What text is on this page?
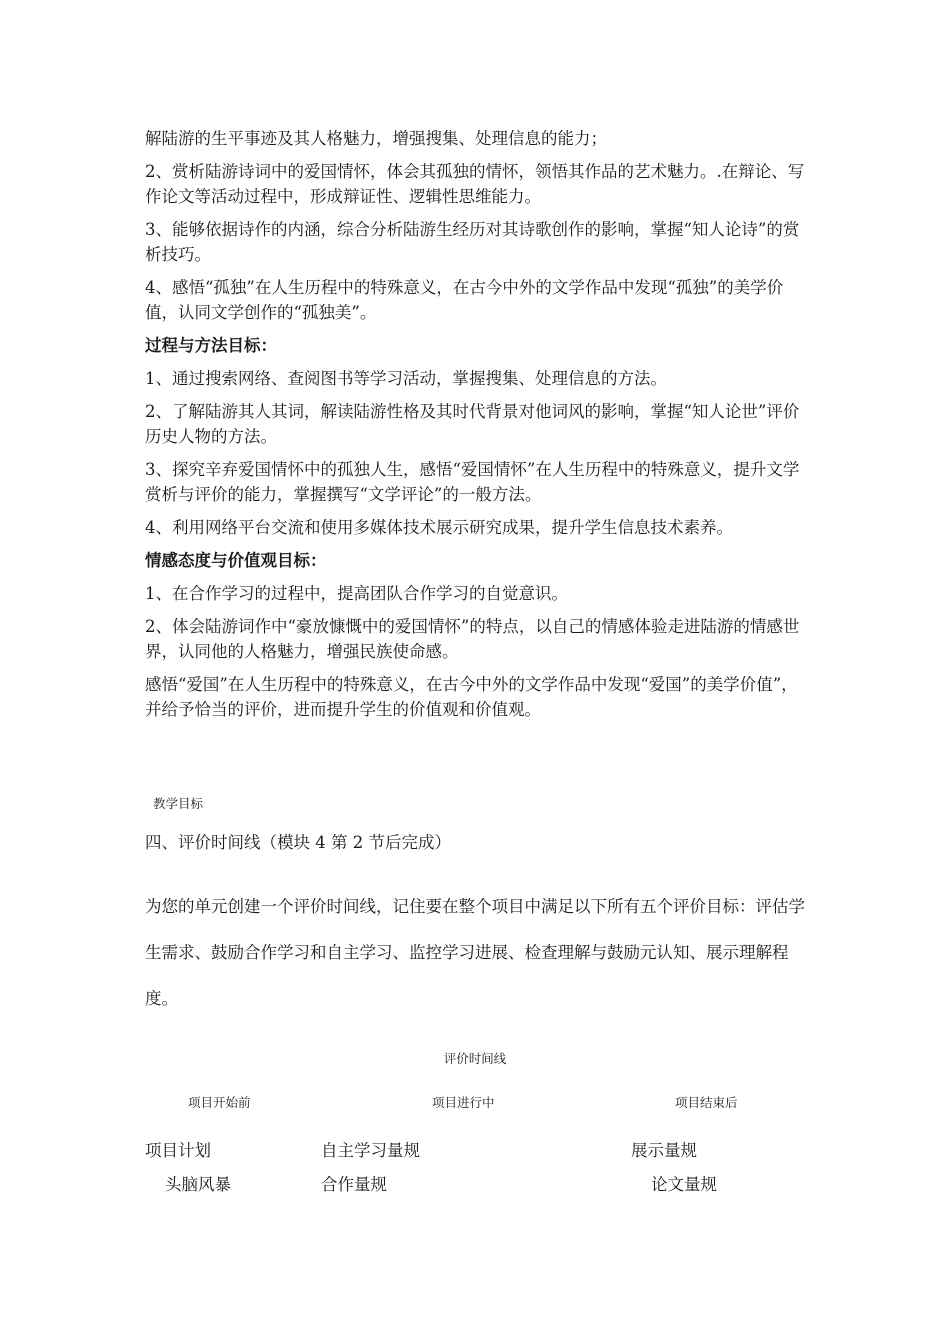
解陆游的生平事迹及其人格魅力，增强搜集、处理信息的能力；

2、赏析陆游诗词中的爱国情怀，体会其孤独的情怀，领悟其作品的艺术魅力。.在辩论、写作论文等活动过程中，形成辩证性、逻辑性思维能力。

3、能够依据诗作的内涵，综合分析陆游生经历对其诗歌创作的影响，掌握“知人论诗”的赏析技巧。

4、感悟“孤独”在人生历程中的特殊意义，在古今中外的文学作品中发现“孤独”的美学价值，认同文学创作的“孤独美”。

过程与方法目标：

1、通过搜索网络、查阅图书等学习活动，掌握搜集、处理信息的方法。

2、了解陆游其人其词，解读陆游性格及其时代背景对他词风的影响，掌握“知人论世”评价历史人物的方法。

3、探究辛弃爱国情怀中的孤独人生，感悟“爱国情怀”在人生历程中的特殊意义，提升文学赏析与评价的能力，掌握撰写“文学评论”的一般方法。

4、利用网络平台交流和使用多媒体技术展示研究成果，提升学生信息技术素养。

情感态度与价值观目标：

1、在合作学习的过程中，提高团队合作学习的自觉意识。

2、体会陆游词作中“豪放慷慨中的爱国情怀”的特点，以自己的情感体验走进陆游的情感世界，认同他的人格魅力，增强民族使命感。

感悟“爱国”在人生历程中的特殊意义，在古今中外的文学作品中发现“爱国”的美学价值”，并给予恰当的评价，进而提升学生的价值观和价值观。

教学目标
四、评价时间线（模块 4 第 2 节后完成）
为您的单元创建一个评价时间线，记住要在整个项目中满足以下所有五个评价目标：评估学生需求、鼓励合作学习和自主学习、监控学习进展、检查理解与鼓励元认知、展示理解程度。
评价时间线
项目开始前	项目进行中	项目结束后
项目计划
头脑风暴
自主学习量规
合作量规
展示量规
论文量规
